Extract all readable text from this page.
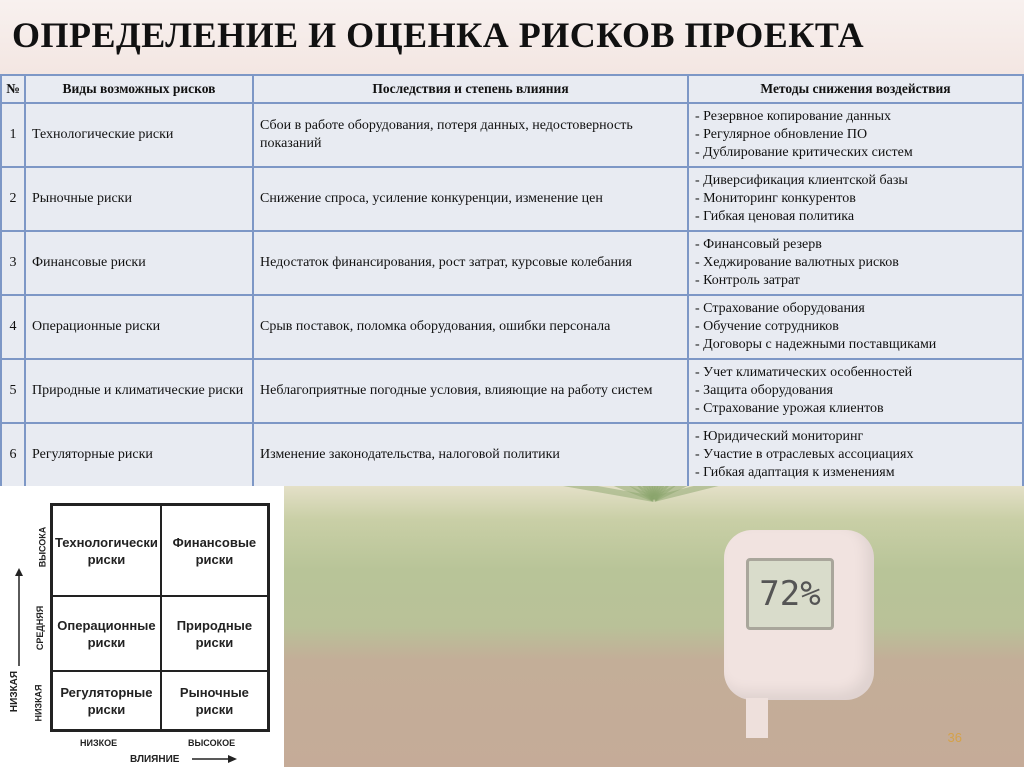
ОПРЕДЕЛЕНИЕ И ОЦЕНКА РИСКОВ ПРОЕКТА
№	Виды возможных рисков	Последствия и степень влияния	Методы снижения воздействия
1	Технологические риски	Сбои в работе оборудования, потеря данных, недостоверность показаний	- Резервное копирование данных
- Регулярное обновление ПО
- Дублирование критических систем

2	Рыночные риски	Снижение спроса, усиление конкуренции, изменение цен	- Диверсификация клиентской базы
- Мониторинг конкурентов
- Гибкая ценовая политика

3	Финансовые риски	Недостаток финансирования, рост затрат, курсовые колебания	- Финансовый резерв
- Хеджирование валютных рисков
- Контроль затрат

4	Операционные риски	Срыв поставок, поломка оборудования, ошибки персонала	- Страхование оборудования
- Обучение сотрудников
- Договоры с надежными поставщиками

5	Природные и климатические риски	Неблагоприятные погодные условия, влияющие на работу систем	- Учет климатических особенностей
- Защита оборудования
- Страхование урожая клиентов

6	Регуляторные риски	Изменение законодательства, налоговой политики	- Юридический мониторинг
- Участие в отраслевых ассоциациях
- Гибкая адаптация к изменениям
Технологически риски
Финансовые риски
Операционные риски
Природные риски
Регуляторные риски
Рыночные риски
ВЫСОКА
СРЕДНЯЯ
НИЗКАЯ
НИЗКАЯ
НИЗКОЕ	ВЫСОКОЕ
ВЛИЯНИЕ
72%
36
